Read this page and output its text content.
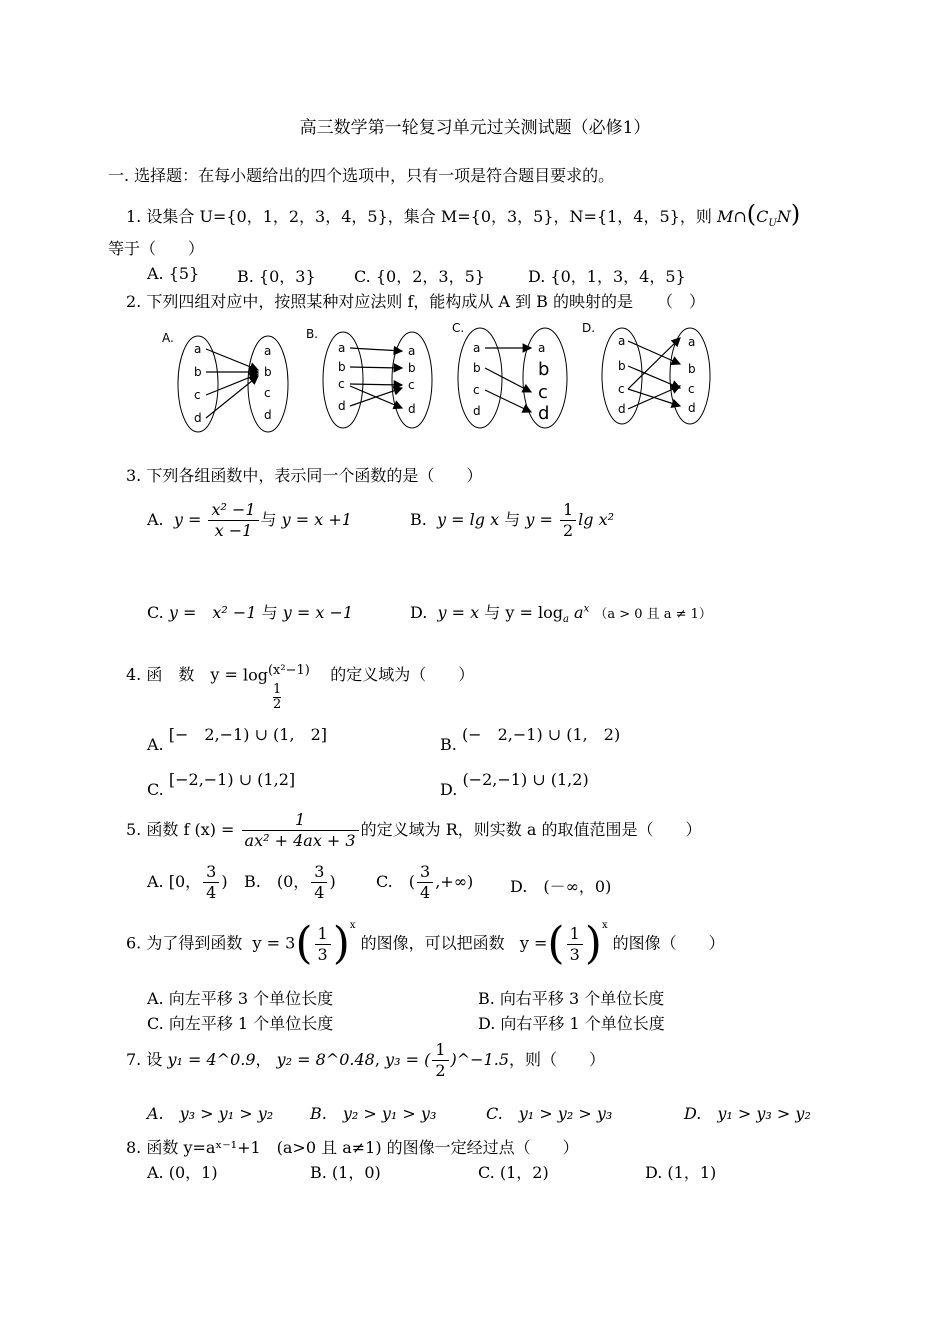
高三数学第一轮复习单元过关测试题（必修1）
一. 选择题：在每小题给出的四个选项中，只有一项是符合题目要求的。
1. 设集合 U={0，1，2，3，4，5}，集合 M={0，3，5}，N={1，4，5}，则 $M\cap(C_UN)$
等于（　　）
A. {5} B. {0，3} C. {0，2，3，5}	D. {0，1，3，4，5}
2. 下列四组对应中，按照某种对应法则 f，能构成从 A 到 B 的映射的是　　（　）
A.
a
b
c
d
a
b
c
d
B.
a
b
c
d
a
b
c
d
C.
a
b
c
d
a
b
c
d
D.
a
b
c
d
a
b
c
d
3. 下列各组函数中，表示同一个函数的是（　　）
A. $y = \frac{\text{x² −1}}{x -1}$ 与 y = x +1	B. y = lg x 与 $y = \frac{1}{2}$ lg x²
C. y =　x² −1 与 y = x −1	D. y = x 与 $y = \log_a a^x$ （a > 0 且 a ≠ 1）
4. 函　数　$y = \log^{(x^2-1)}$
1
2
的定义域为（　　）
A. [−　2,−1) ∪ (1,　2]
B. (−　2,−1) ∪ (1,　2)
C. [−2,−1) ∪ (1,2]
D. (−2,−1) ∪ (1,2)
5. 函数 f $(x) = \frac{1}{\text{ax² + 4ax + 3}}$ 的定义域为 R，则实数 a 的取值范围是（　　）
A. [0， $\frac{3}{4}$ ) B.　(0， $\frac{3}{4}$ )	C.　( $\frac{3}{4}$ ,+∞) D.　(－∞，0)
6. 为了得到函数 $y = 3( \frac{1}{3} )^x$ 的图像，可以把函数 y =( $\frac{1}{3} )^x$ 的图像（　　）
A. 向左平移 3 个单位长度	B. 向右平移 3 个单位长度
C. 向左平移 1 个单位长度	D. 向右平移 1 个单位长度
7. 设 y₁ = 4^0.9， y₂ = 8^0.48, y₃ = ( $\frac{1}{2}$ )^−1.5，则（　　）
A.　y₃ > y₁ > y₂ B.　y₂ > y₁ > y₃	C.　y₁ > y₂ > y₃	D.　y₁ > y₃ > y₂
8. 函数 y=aˣ⁻¹+1　(a>0 且 a≠1) 的图像一定经过点（　　）
A. (0，1)	B. (1，0)	C. (1，2)	D. (1，1)
